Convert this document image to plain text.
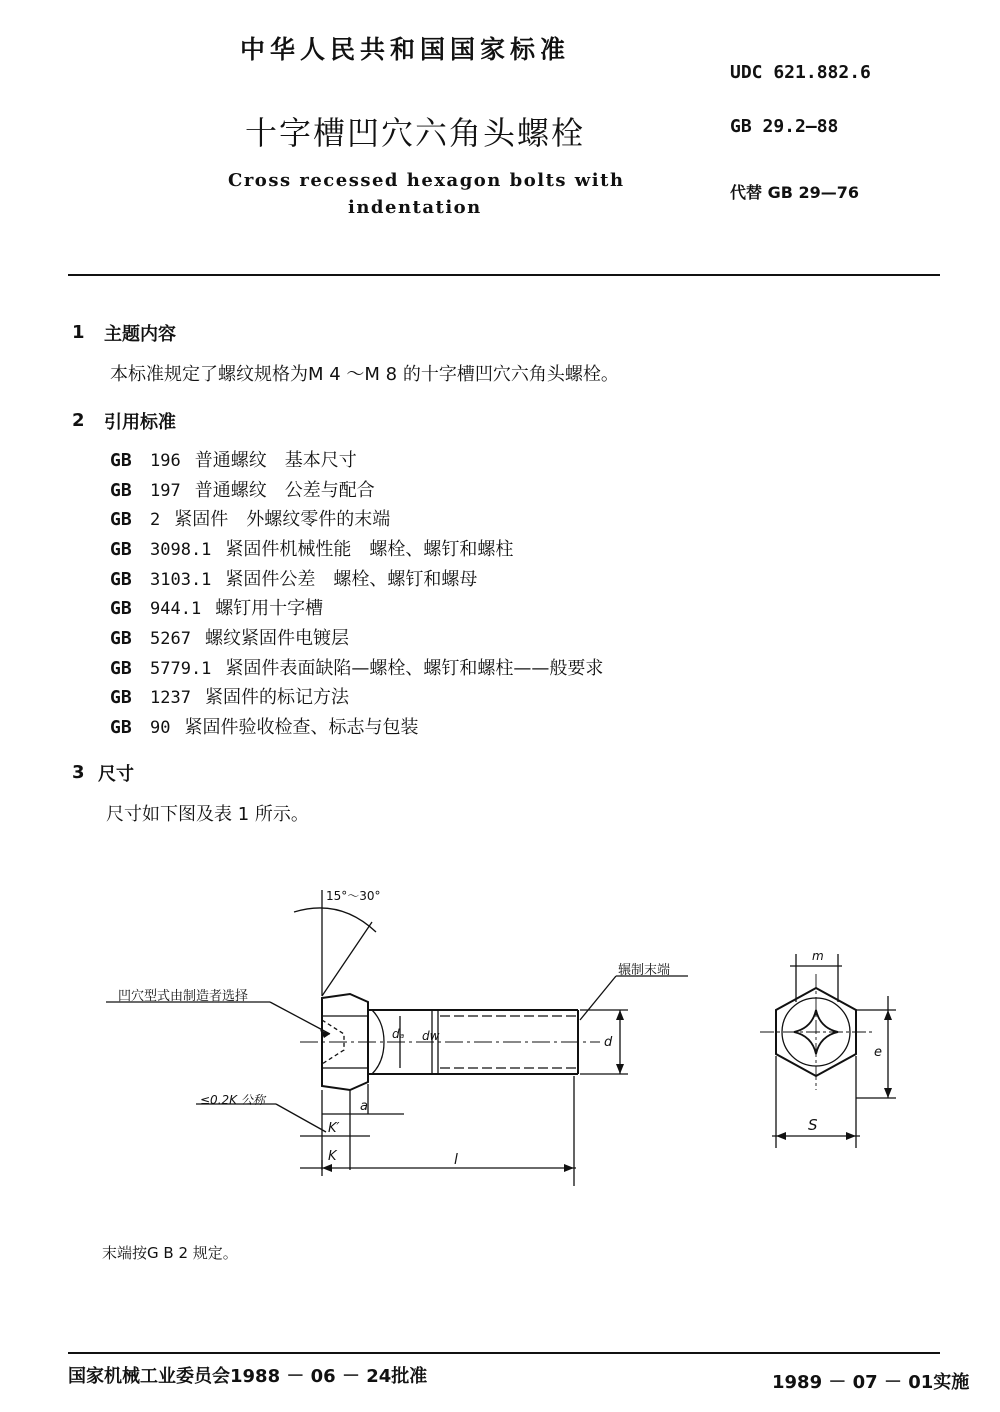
中华人民共和国国家标准
UDC 621.882.6
十字槽凹穴六角头螺栓	GB 29.2—88
Cross recessed hexagon bolts with
indentation
代替 GB 29—76
1 主题内容
本标准规定了螺纹规格为M 4 ～M 8 的十字槽凹穴六角头螺栓。
2 引用标准
GB 196 普通螺纹　基本尺寸
GB 197 普通螺纹　公差与配合
GB 2 紧固件　外螺纹零件的末端
GB 3098.1 紧固件机械性能　螺栓、螺钉和螺柱
GB 3103.1 紧固件公差　螺栓、螺钉和螺母
GB 944.1 螺钉用十字槽
GB 5267 螺纹紧固件电镀层
GB 5779.1 紧固件表面缺陷—螺栓、螺钉和螺柱——般要求
GB 1237 紧固件的标记方法
GB 90 紧固件验收检查、标志与包装
3 尺寸
尺寸如下图及表 1 所示。
15°～30°
凹穴型式由制造者选择
辗制末端
≤0.2K 公称	a
K′
K	l
dₐ dw	d
m
e
S
末端按G B 2 规定。
国家机械工业委员会1988 － 06 － 24批准	1989 － 07 － 01实施
